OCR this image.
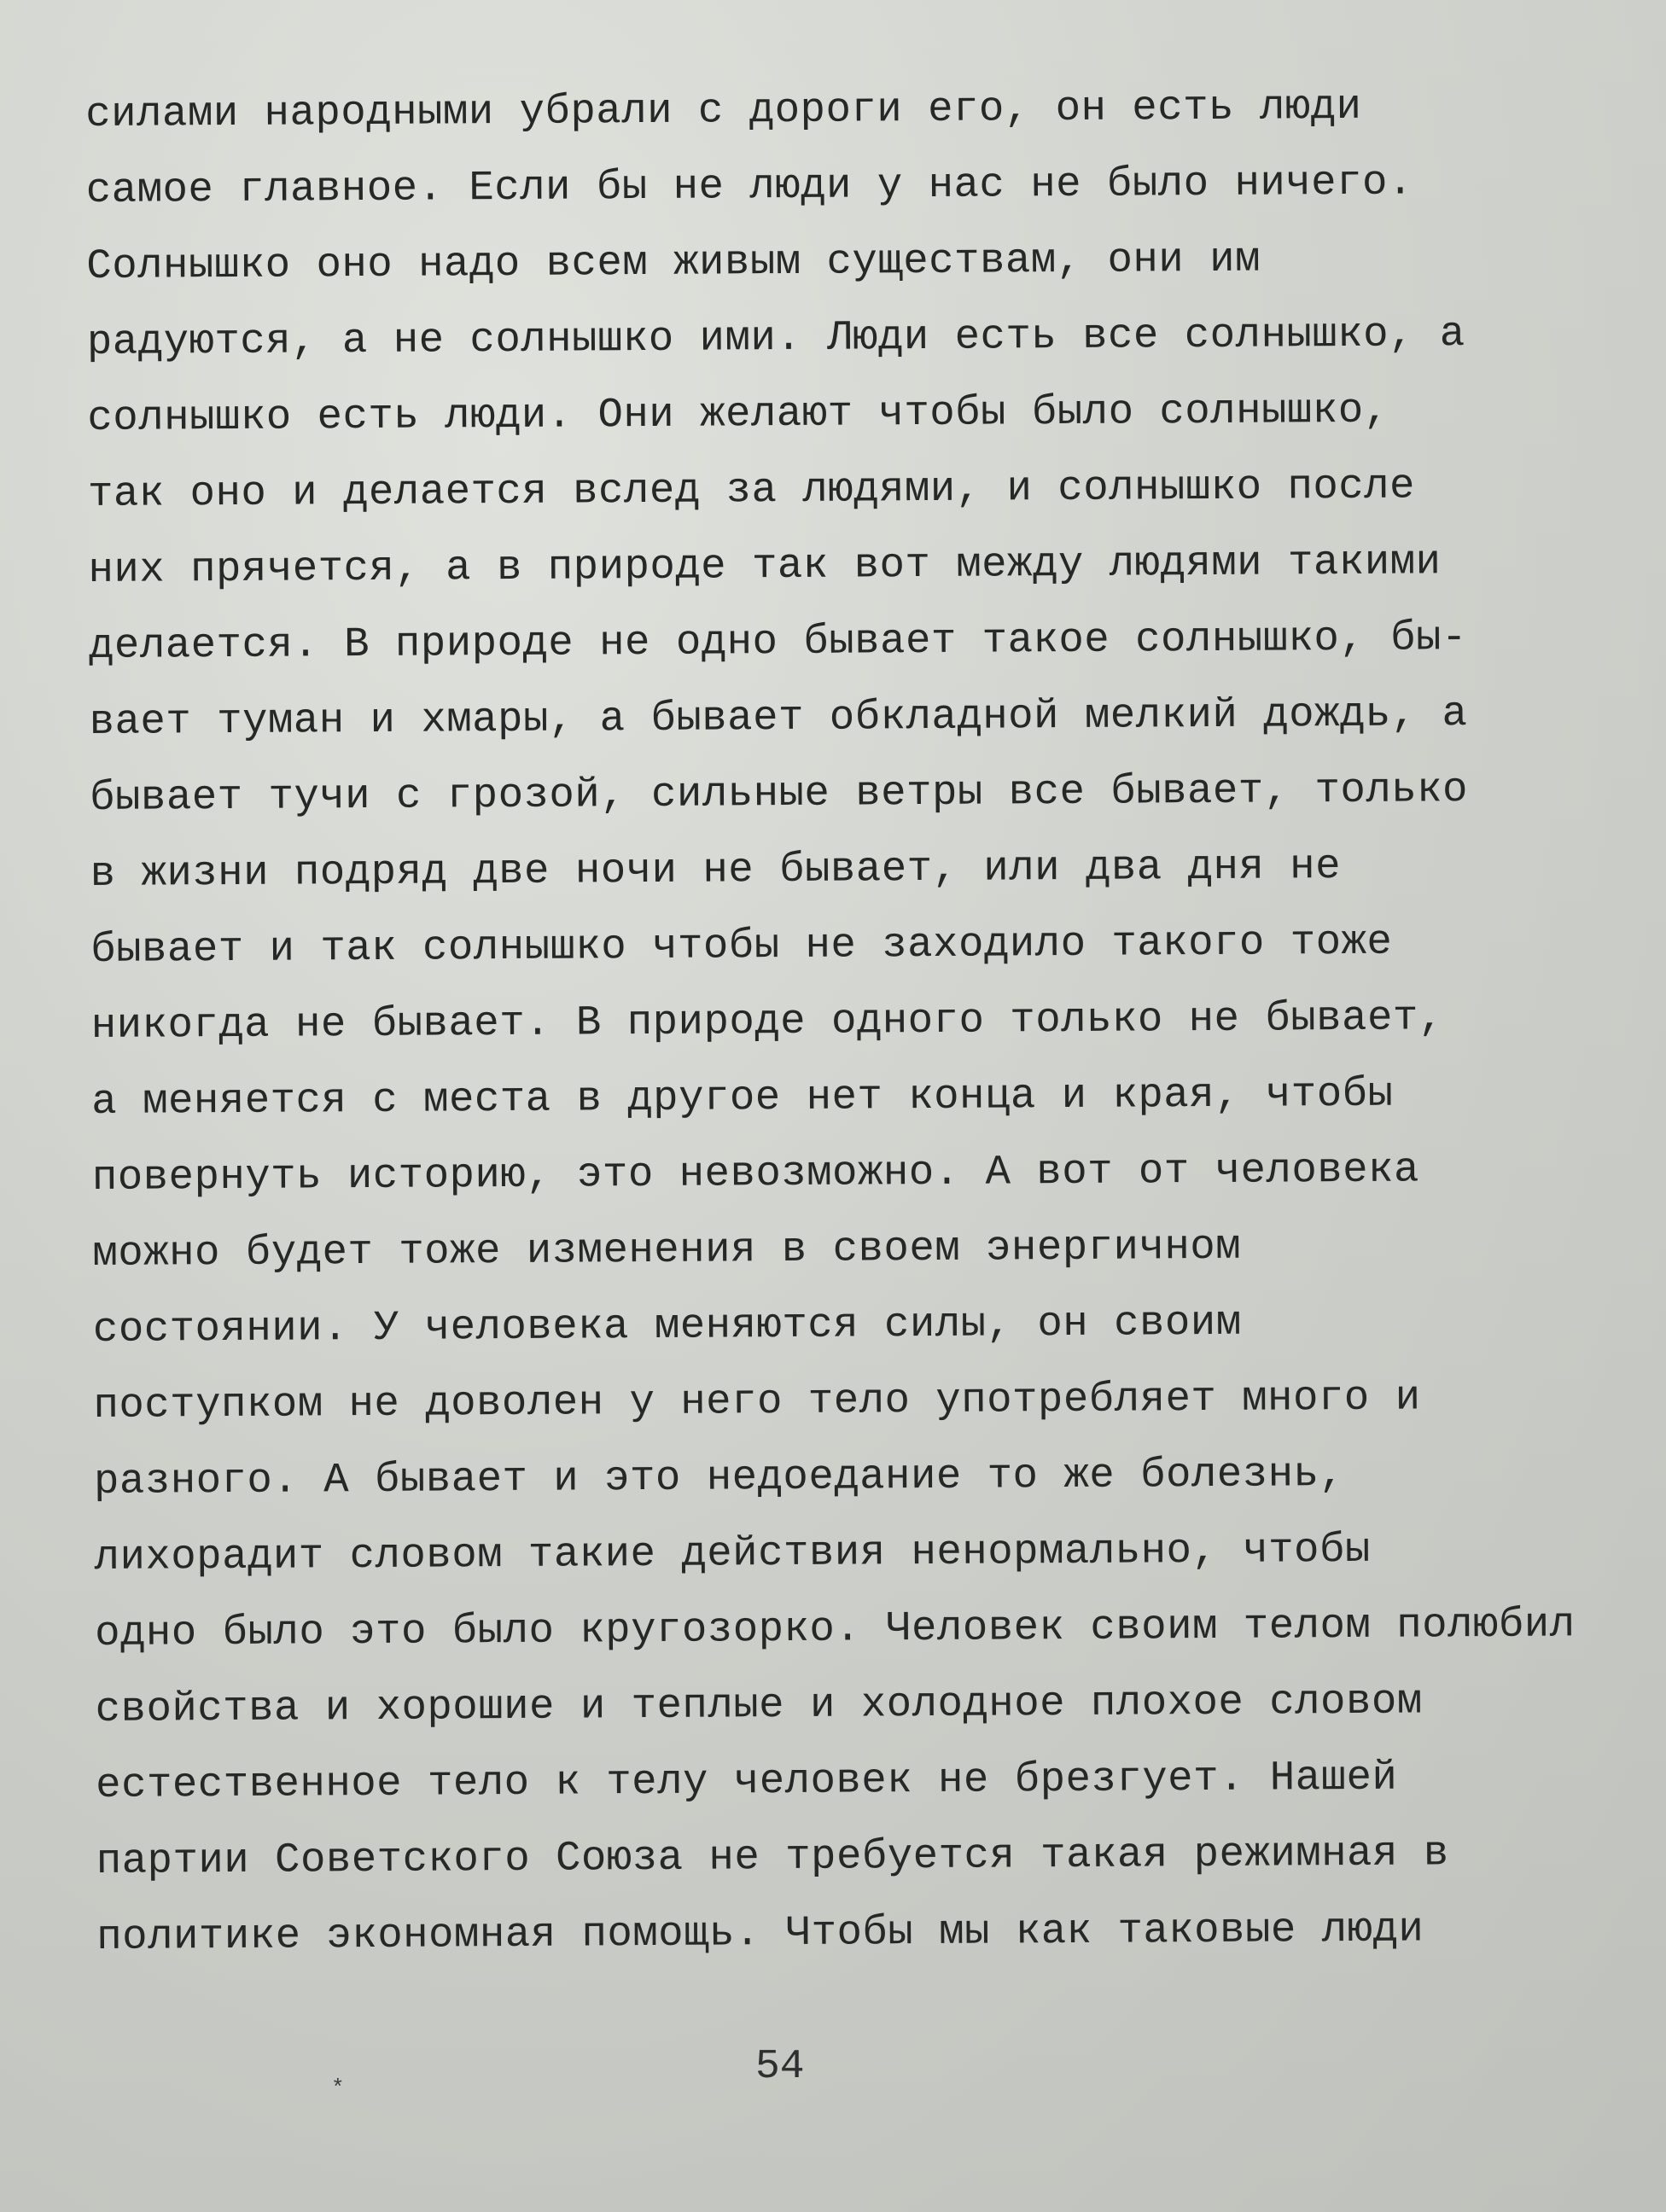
силами народными убрали с дороги его, он есть люди
самое главное. Если бы не люди у нас не было ничего.
Солнышко оно надо всем живым существам, они им
радуются, а не солнышко ими. Люди есть все солнышко, а
солнышко есть люди. Они желают чтобы было солнышко,
так оно и делается вслед за людями, и солнышко после
них прячется, а в природе так вот между людями такими
делается. В природе не одно бывает такое солнышко, бы-
вает туман и хмары, а бывает обкладной мелкий дождь, а
бывает тучи с грозой, сильные ветры все бывает, только
в жизни подряд две ночи не бывает, или два дня не
бывает и так солнышко чтобы не заходило такого тоже
никогда не бывает. В природе одного только не бывает,
а меняется с места в другое нет конца и края, чтобы
повернуть историю, это невозможно. А вот от человека
можно будет тоже изменения в своем энергичном
состоянии. У человека меняются силы, он своим
поступком не доволен у него тело употребляет много и
разного. А бывает и это недоедание то же болезнь,
лихорадит словом такие действия ненормально, чтобы
одно было это было кругозорко. Человек своим телом полюбил
свойства и хорошие и теплые и холодное плохое словом
естественное тело к телу человек не брезгует. Нашей
партии Советского Союза не требуется такая режимная в
политике экономная помощь. Чтобы мы как таковые люди
54
*
